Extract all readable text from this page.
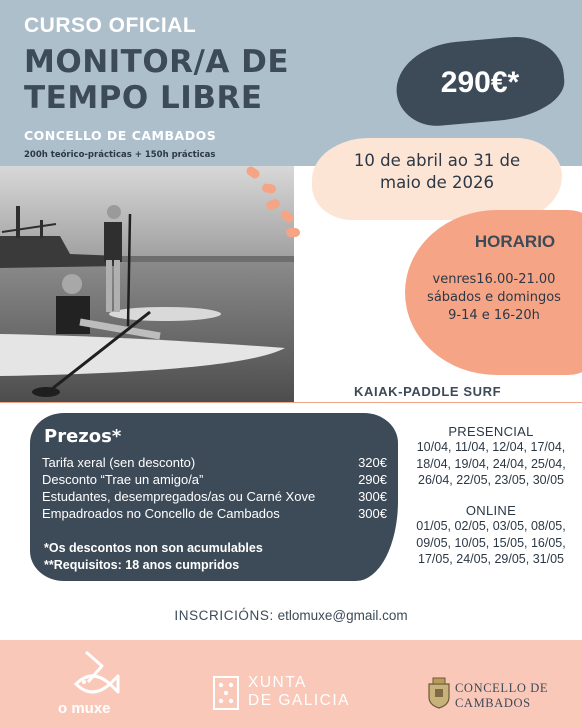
CURSO OFICIAL
MONITOR/A DE
TEMPO LIBRE
CONCELLO DE CAMBADOS
200h teórico-prácticas + 150h prácticas
290€*
10 de abril ao 31 de
maio de 2026
HORARIO
venres16.00-21.00
sábados e domingos
9-14 e 16-20h
KAIAK-PADDLE SURF
Prezos*
Tarifa xeral (sen desconto)	320€
Desconto “Trae un amigo/a”	290€
Estudantes, desempregados/as ou Carné Xove	300€
Empadroados no Concello de Cambados	300€
*Os descontos non son acumulables
**Requisitos: 18 anos cumpridos
PRESENCIAL
10/04, 11/04, 12/04, 17/04,
18/04, 19/04, 24/04, 25/04,
26/04, 22/05, 23/05, 30/05
ONLINE
01/05, 02/05, 03/05, 08/05,
09/05, 10/05, 15/05, 16/05,
17/05, 24/05, 29/05, 31/05
INSCRICIÓNS: etlomuxe@gmail.com
o muxe
XUNTA
DE GALICIA
CONCELLO DE
CAMBADOS
